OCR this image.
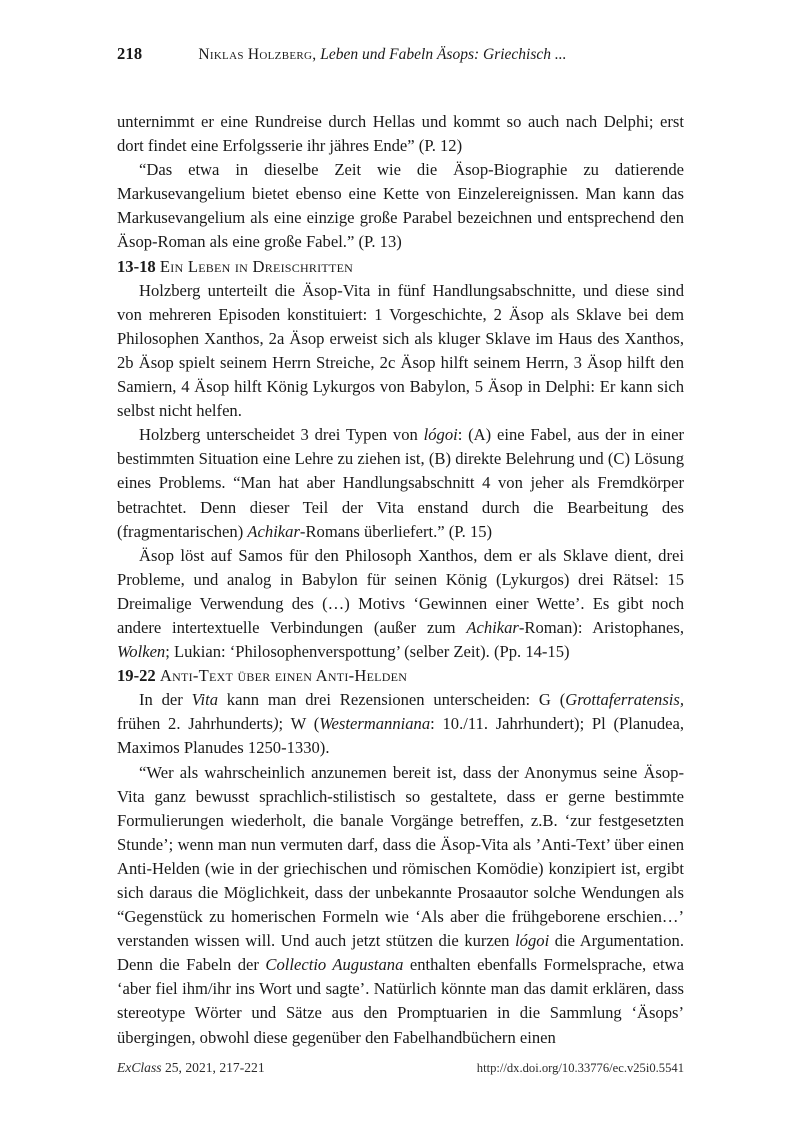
218	Niklas Holzberg, Leben und Fabeln Äsops: Griechisch ...

unternimmt er eine Rundreise durch Hellas und kommt so auch nach Delphi; erst dort findet eine Erfolgsserie ihr jähres Ende” (P. 12)

“Das etwa in dieselbe Zeit wie die Äsop-Biographie zu datierende Markusevangelium bietet ebenso eine Kette von Einzelereignissen. Man kann das Markusevangelium als eine einzige große Parabel bezeichnen und entsprechend den Äsop-Roman als eine große Fabel.” (P. 13)

13-18 Ein Leben in Dreischritten

Holzberg unterteilt die Äsop-Vita in fünf Handlungsabschnitte, und diese sind von mehreren Episoden konstituiert: 1 Vorgeschichte, 2 Äsop als Sklave bei dem Philosophen Xanthos, 2a Äsop erweist sich als kluger Sklave im Haus des Xanthos, 2b Äsop spielt seinem Herrn Streiche, 2c Äsop hilft seinem Herrn, 3 Äsop hilft den Samiern, 4 Äsop hilft König Lykurgos von Babylon, 5 Äsop in Delphi: Er kann sich selbst nicht helfen.

Holzberg unterscheidet 3 drei Typen von lógoi: (A) eine Fabel, aus der in einer bestimmten Situation eine Lehre zu ziehen ist, (B) direkte Belehrung und (C) Lösung eines Problems. “Man hat aber Handlungsabschnitt 4 von jeher als Fremdkörper betrachtet. Denn dieser Teil der Vita enstand durch die Bearbeitung des (fragmentarischen) Achikar-Romans überliefert.” (P. 15)

Äsop löst auf Samos für den Philosoph Xanthos, dem er als Sklave dient, drei Probleme, und analog in Babylon für seinen König (Lykurgos) drei Rätsel: 15 Dreimalige Verwendung des (…) Motivs ‘Gewinnen einer Wette’. Es gibt noch andere intertextuelle Verbindungen (außer zum Achikar-Roman): Aristophanes, Wolken; Lukian: ‘Philosophenverspottung’ (selber Zeit). (Pp. 14-15)

19-22 Anti-Text über einen Anti-Helden

In der Vita kann man drei Rezensionen unterscheiden: G (Grottaferratensis, frühen 2. Jahrhunderts); W (Westermanniana: 10./11. Jahrhundert); Pl (Planudea, Maximos Planudes 1250-1330).

“Wer als wahrscheinlich anzunemen bereit ist, dass der Anonymus seine Äsop-Vita ganz bewusst sprachlich-stilistisch so gestaltete, dass er gerne bestimmte Formulierungen wiederholt, die banale Vorgänge betreffen, z.B. ‘zur festgesetzten Stunde’; wenn man nun vermuten darf, dass die Äsop-Vita als ’Anti-Text’ über einen Anti-Helden (wie in der griechischen und römischen Komödie) konzipiert ist, ergibt sich daraus die Möglichkeit, dass der unbekannte Prosaautor solche Wendungen als “Gegenstück zu homerischen Formeln wie ‘Als aber die frühgeborene erschien…’ verstanden wissen will. Und auch jetzt stützen die kurzen lógoi die Argumentation. Denn die Fabeln der Collectio Augustana enthalten ebenfalls Formelsprache, etwa ‘aber fiel ihm/ihr ins Wort und sagte’. Natürlich könnte man das damit erklären, dass stereotype Wörter und Sätze aus den Promptuarien in die Sammlung ‘Äsops’ übergingen, obwohl diese gegenüber den Fabelhandbüchern einen

ExClass 25, 2021, 217-221	http://dx.doi.org/10.33776/ec.v25i0.5541
